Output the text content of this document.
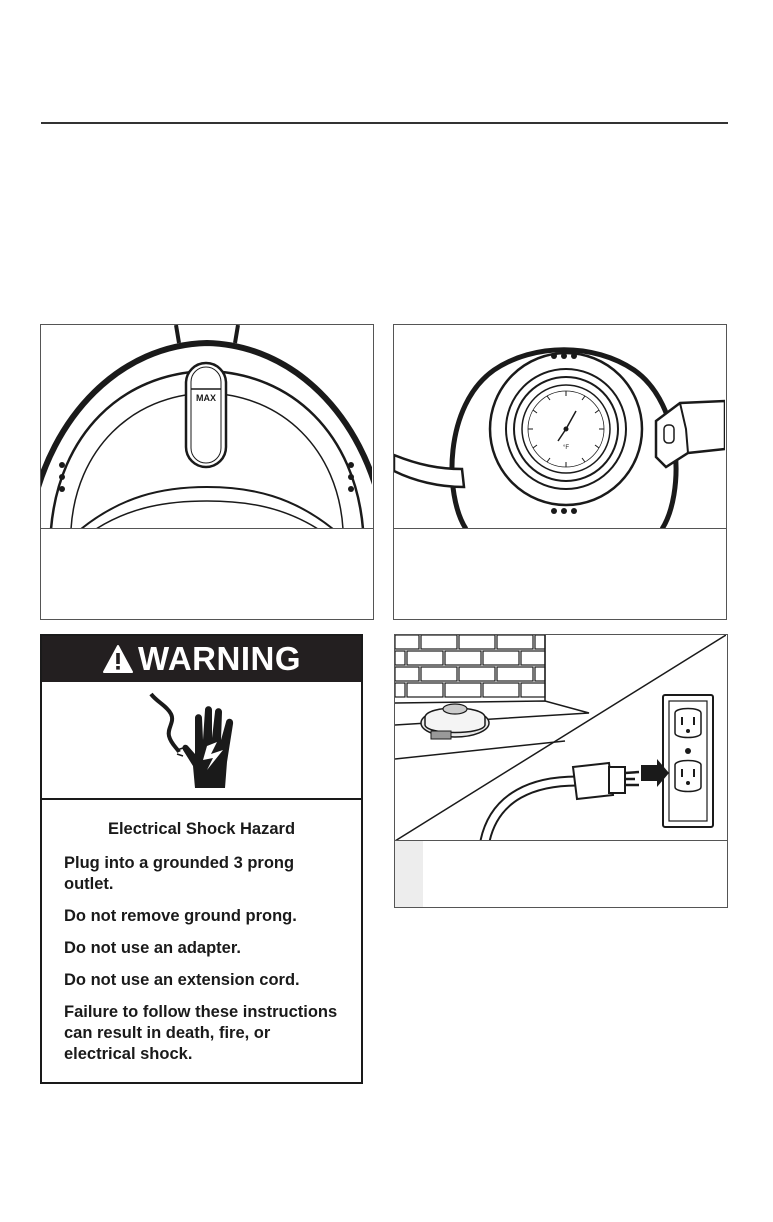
MAX
°F
WARNING
Electrical Shock Hazard
Plug into a grounded 3 prong outlet.
Do not remove ground prong.
Do not use an adapter.
Do not use an extension cord.
Failure to follow these instructions can result in death, fire, or electrical shock.
